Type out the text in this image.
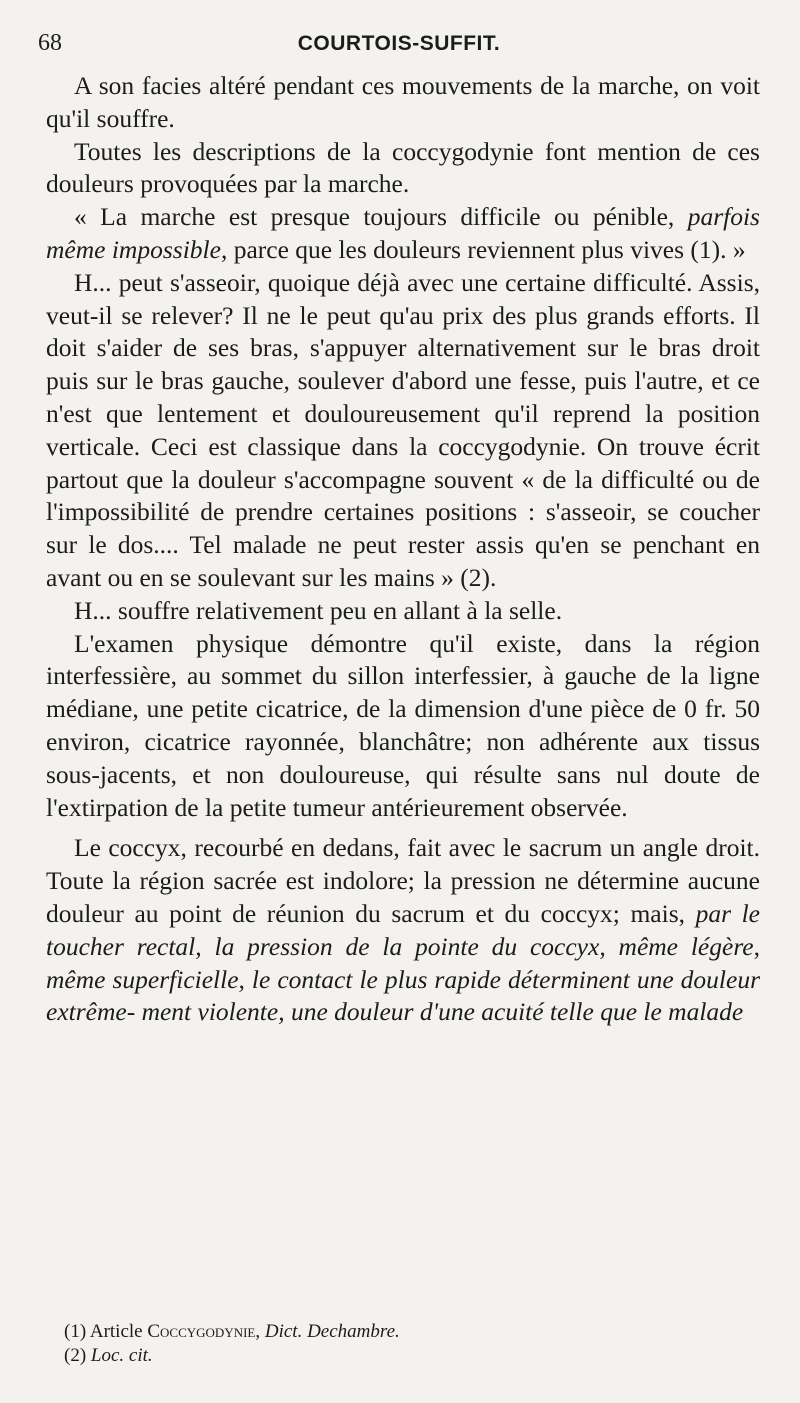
68	COURTOIS-SUFFIT.

A son facies altéré pendant ces mouvements de la marche, on voit qu'il souffre.

Toutes les descriptions de la coccygodynie font mention de ces douleurs provoquées par la marche.

« La marche est presque toujours difficile ou pénible, parfois même impossible, parce que les douleurs reviennent plus vives (1). »

H... peut s'asseoir, quoique déjà avec une certaine difficulté. Assis, veut-il se relever? Il ne le peut qu'au prix des plus grands efforts. Il doit s'aider de ses bras, s'appuyer alternativement sur le bras droit puis sur le bras gauche, soulever d'abord une fesse, puis l'autre, et ce n'est que lentement et douloureusement qu'il reprend la position verticale. Ceci est classique dans la coccygodynie. On trouve écrit partout que la douleur s'accompagne souvent « de la difficulté ou de l'impossibilité de prendre certaines positions : s'asseoir, se coucher sur le dos.... Tel malade ne peut rester assis qu'en se penchant en avant ou en se soulevant sur les mains » (2).

H... souffre relativement peu en allant à la selle.

L'examen physique démontre qu'il existe, dans la région interfessière, au sommet du sillon interfessier, à gauche de la ligne médiane, une petite cicatrice, de la dimension d'une pièce de 0 fr. 50 environ, cicatrice rayonnée, blanchâtre; non adhérente aux tissus sous-jacents, et non douloureuse, qui résulte sans nul doute de l'extirpation de la petite tumeur antérieurement observée.

Le coccyx, recourbé en dedans, fait avec le sacrum un angle droit. Toute la région sacrée est indolore; la pression ne détermine aucune douleur au point de réunion du sacrum et du coccyx; mais, par le toucher rectal, la pression de la pointe du coccyx, même légère, même superficielle, le contact le plus rapide déterminent une douleur extrême- ment violente, une douleur d'une acuité telle que le malade

(1) Article Coccygodynie, Dict. Dechambre.
(2) Loc. cit.
